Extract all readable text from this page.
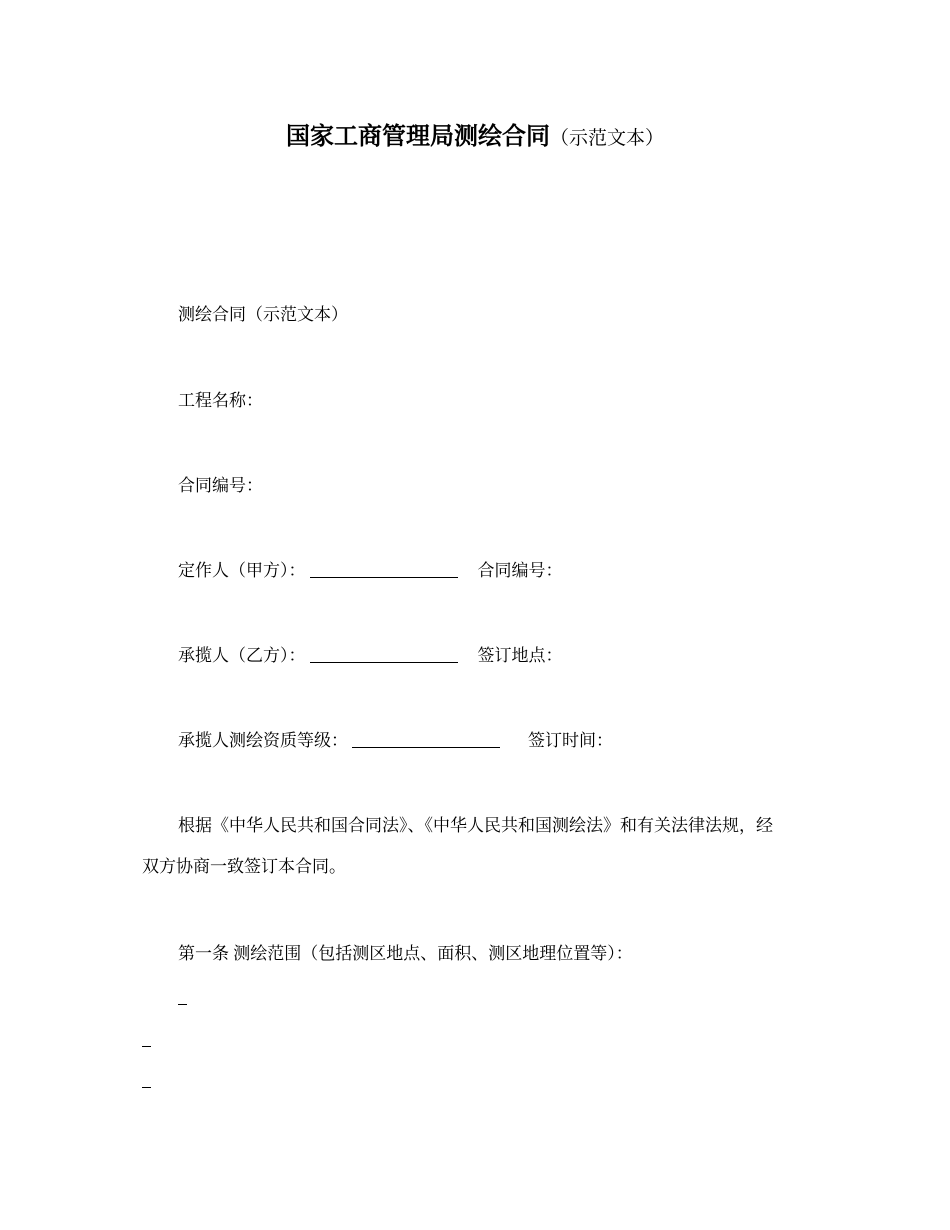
国家工商管理局测绘合同（示范文本）
测绘合同（示范文本）
工程名称：
合同编号：
定作人（甲方）：	合同编号：
承揽人（乙方）：	签订地点：
承揽人测绘资质等级：	签订时间：
根据《中华人民共和国合同法》、《中华人民共和国测绘法》和有关法律法规，经
双方协商一致签订本合同。
第一条 测绘范围（包括测区地点、面积、测区地理位置等）：
